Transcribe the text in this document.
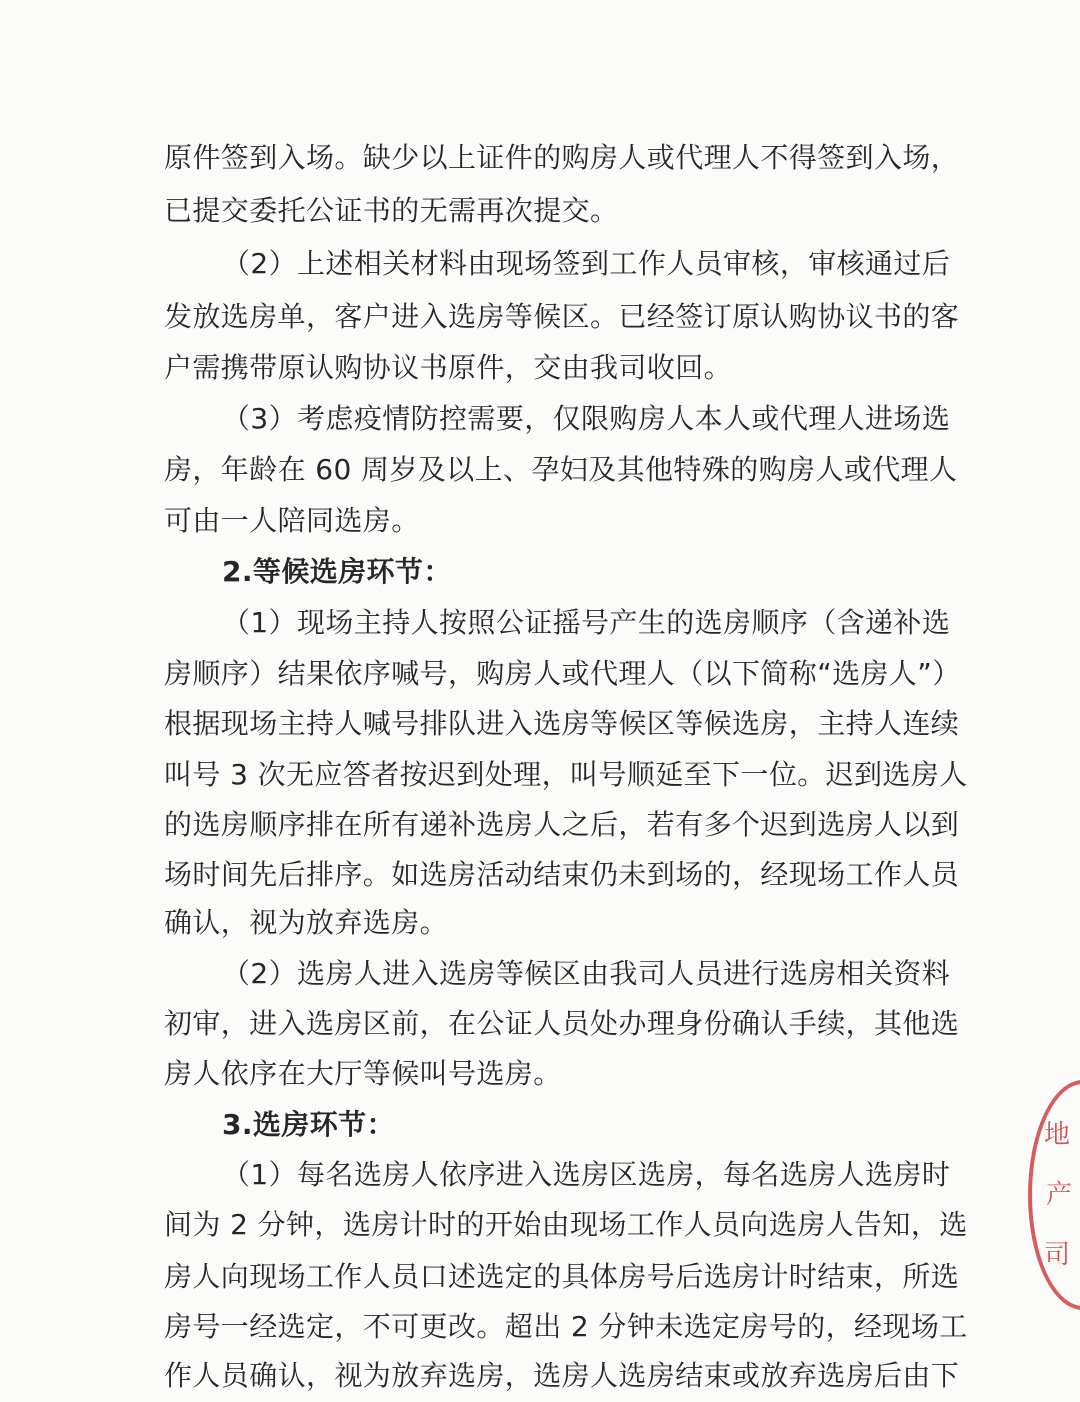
原件签到入场。缺少以上证件的购房人或代理人不得签到入场，
已提交委托公证书的无需再次提交。
（2）上述相关材料由现场签到工作人员审核，审核通过后
发放选房单，客户进入选房等候区。已经签订原认购协议书的客
户需携带原认购协议书原件，交由我司收回。
（3）考虑疫情防控需要，仅限购房人本人或代理人进场选
房，年龄在 60 周岁及以上、孕妇及其他特殊的购房人或代理人
可由一人陪同选房。
2.等候选房环节：
（1）现场主持人按照公证摇号产生的选房顺序（含递补选
房顺序）结果依序喊号，购房人或代理人（以下简称“选房人”）
根据现场主持人喊号排队进入选房等候区等候选房，主持人连续
叫号 3 次无应答者按迟到处理，叫号顺延至下一位。迟到选房人
的选房顺序排在所有递补选房人之后，若有多个迟到选房人以到
场时间先后排序。如选房活动结束仍未到场的，经现场工作人员
确认，视为放弃选房。
（2）选房人进入选房等候区由我司人员进行选房相关资料
初审，进入选房区前，在公证人员处办理身份确认手续，其他选
房人依序在大厅等候叫号选房。
3.选房环节：
（1）每名选房人依序进入选房区选房，每名选房人选房时
间为 2 分钟，选房计时的开始由现场工作人员向选房人告知，选
房人向现场工作人员口述选定的具体房号后选房计时结束，所选
房号一经选定，不可更改。超出 2 分钟未选定房号的，经现场工
作人员确认，视为放弃选房，选房人选房结束或放弃选房后由下
地
产
司
